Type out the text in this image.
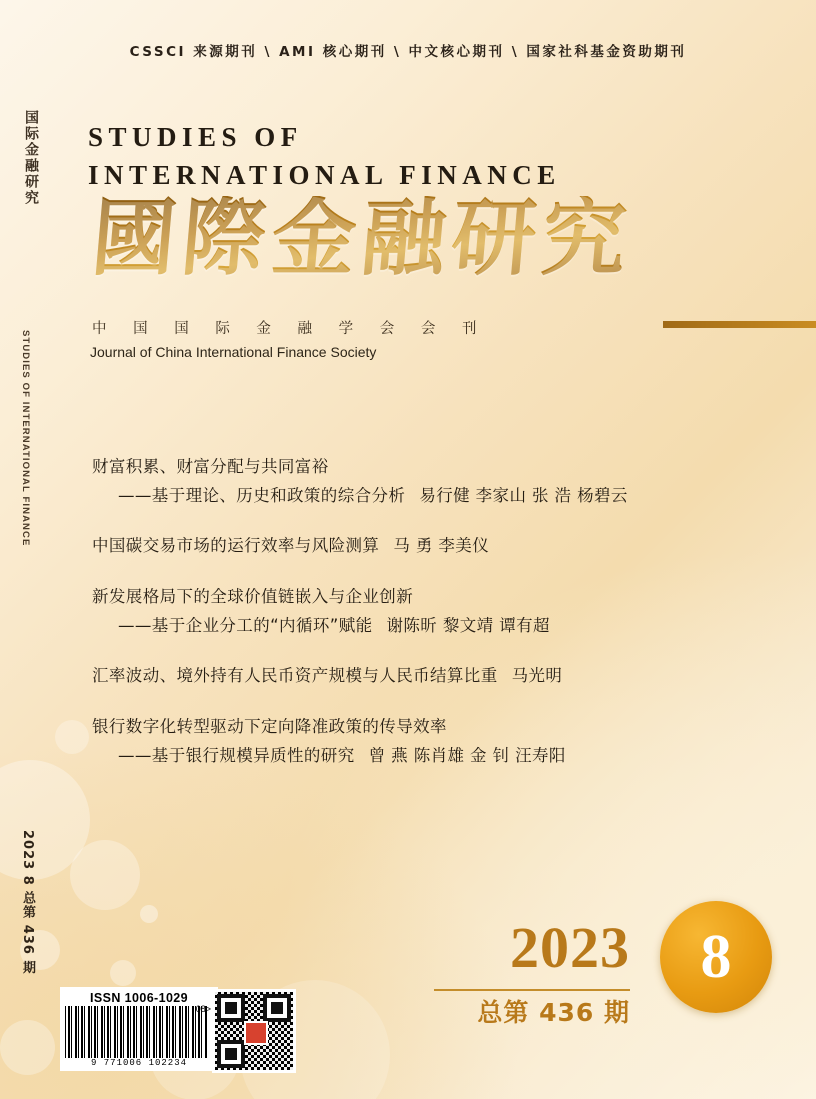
CSSCI 来源期刊 \ AMI 核心期刊 \ 中文核心期刊 \ 国家社科基金资助期刊
国际金融研究
STUDIES OF INTERNATIONAL FINANCE
2023 8 总第 436 期
STUDIES OF
INTERNATIONAL FINANCE
國際金融研究
中 国 国 际 金 融 学 会 会 刊
Journal of China International Finance Society
财富积累、财富分配与共同富裕
——基于理论、历史和政策的综合分析 易行健 李家山 张 浩 杨碧云
中国碳交易市场的运行效率与风险测算 马 勇 李美仪
新发展格局下的全球价值链嵌入与企业创新
——基于企业分工的“内循环”赋能 谢陈昕 黎文靖 谭有超
汇率波动、境外持有人民币资产规模与人民币结算比重 马光明
银行数字化转型驱动下定向降准政策的传导效率
——基于银行规模异质性的研究 曾 燕 陈肖雄 金 钊 汪寿阳
2023
总第 436 期
8
ISSN 1006-1029
08>
9 771006 102234
